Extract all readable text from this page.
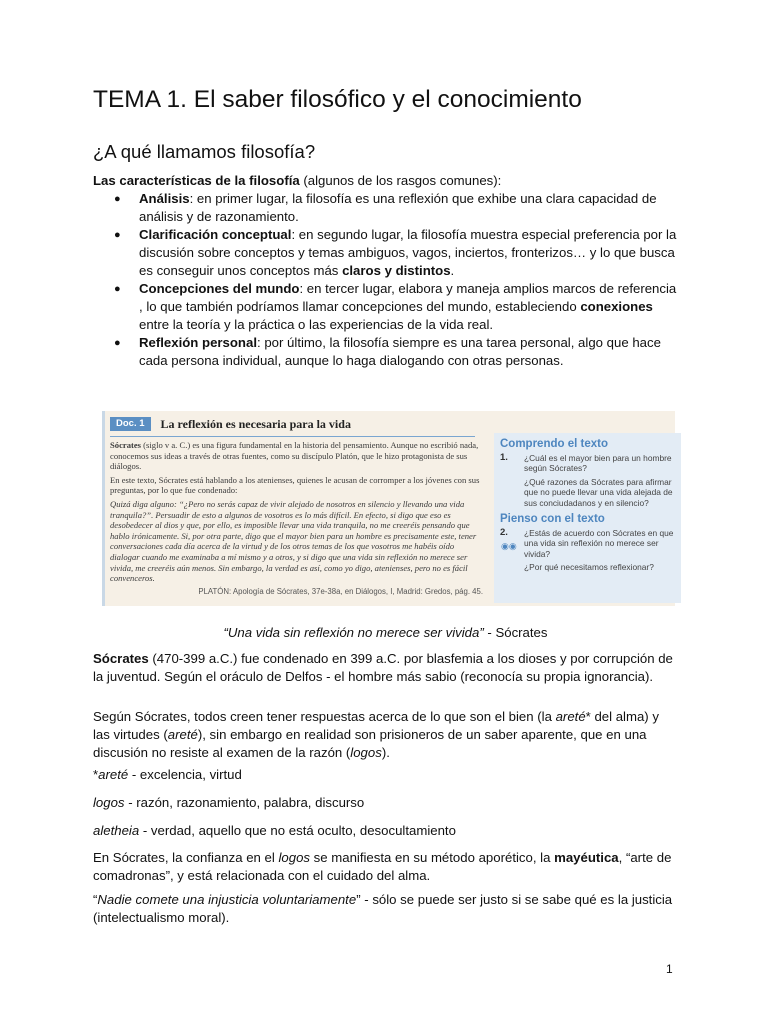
TEMA 1. El saber filosófico y el conocimiento
¿A qué llamamos filosofía?
Las características de la filosofía (algunos de los rasgos comunes):
● Análisis: en primer lugar, la filosofía es una reflexión que exhibe una clara capacidad de análisis y de razonamiento.
● Clarificación conceptual: en segundo lugar, la filosofía muestra especial preferencia por la discusión sobre conceptos y temas ambiguos, vagos, inciertos, fronterizos… y lo que busca es conseguir unos conceptos más claros y distintos.
● Concepciones del mundo: en tercer lugar, elabora y maneja amplios marcos de referencia , lo que también podríamos llamar concepciones del mundo, estableciendo conexiones entre la teoría y la práctica o las experiencias de la vida real.
● Reflexión personal: por último, la filosofía siempre es una tarea personal, algo que hace cada persona individual, aunque lo haga dialogando con otras personas.
Doc. 1 La reflexión es necesaria para la vida

Sócrates (siglo v a. C.) es una figura fundamental en la historia del pensamiento. Aunque no escribió nada, conocemos sus ideas a través de otras fuentes, como su discípulo Platón, que le hizo protagonista de sus diálogos.

En este texto, Sócrates está hablando a los atenienses, quienes le acusan de corromper a los jóvenes con sus preguntas, por lo que fue condenado:

Quizá diga alguno: “¿Pero no serás capaz de vivir alejado de nosotros en silencio y llevando una vida tranquila?”. Persuadir de esto a algunos de vosotros es lo más difícil. En efecto, si digo que eso es desobedecer al dios y que, por ello, es imposible llevar una vida tranquila, no me creeréis pensando que hablo irónicamente. Si, por otra parte, digo que el mayor bien para un hombre es precisamente este, tener conversaciones cada día acerca de la virtud y de los otros temas de los que vosotros me habéis oído dialogar cuando me examinaba a mí mismo y a otros, y si digo que una vida sin reflexión no merece ser vivida, me creeréis aún menos. Sin embargo, la verdad es así, como yo digo, atenienses, pero no es fácil convenceros.

PLATÓN: Apología de Sócrates, 37e-38a, en Diálogos, I, Madrid: Gredos, pág. 45.
Comprendo el texto
1. ¿Cuál es el mayor bien para un hombre según Sócrates?
¿Qué razones da Sócrates para afirmar que no puede llevar una vida alejada de sus conciudadanos y en silencio?
Pienso con el texto
2.
◉◉
¿Estás de acuerdo con Sócrates en que una vida sin reflexión no merece ser vivida?
¿Por qué necesitamos reflexionar?
“Una vida sin reflexión no merece ser vivida” - Sócrates
Sócrates (470-399 a.C.) fue condenado en 399 a.C. por blasfemia a los dioses y por corrupción de la juventud. Según el oráculo de Delfos - el hombre más sabio (reconocía su propia ignorancia).
Según Sócrates, todos creen tener respuestas acerca de lo que son el bien (la areté* del alma) y las virtudes (areté), sin embargo en realidad son prisioneros de un saber aparente, que en una discusión no resiste al examen de la razón (logos).
*areté - excelencia, virtud
logos - razón, razonamiento, palabra, discurso
aletheia - verdad, aquello que no está oculto, desocultamiento
En Sócrates, la confianza en el logos se manifiesta en su método aporético, la mayéutica, “arte de comadronas”, y está relacionada con el cuidado del alma.
“Nadie comete una injusticia voluntariamente” - sólo se puede ser justo si se sabe qué es la justicia (intelectualismo moral).
1
